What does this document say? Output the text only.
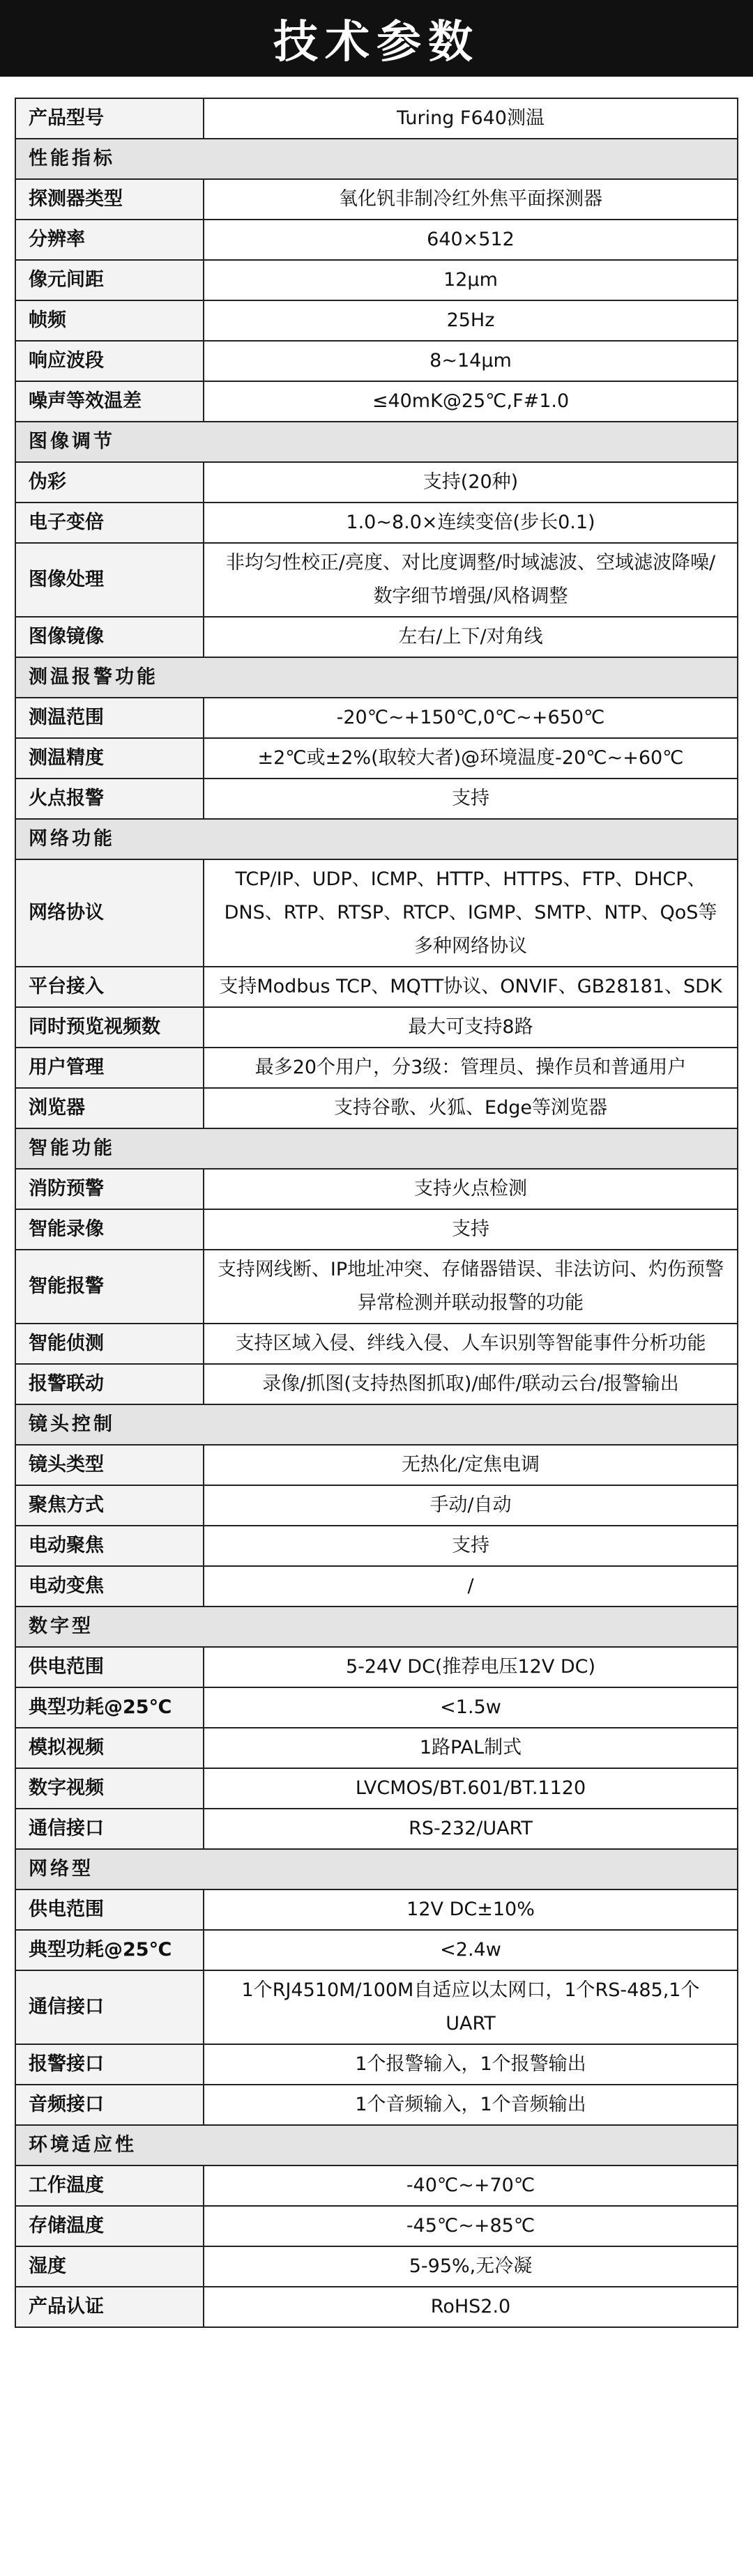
技术参数
产品型号	Turing F640测温
性能指标	
探测器类型	氧化钒非制冷红外焦平面探测器
分辨率	640×512
像元间距	12μm
帧频	25Hz
响应波段	8~14μm
噪声等效温差	≤40mK@25℃,F#1.0
图像调节	
伪彩	支持(20种)
电子变倍	1.0~8.0×连续变倍(步长0.1)
图像处理	非均匀性校正/亮度、对比度调整/时域滤波、空域滤波降噪/数字细节增强/风格调整
图像镜像	左右/上下/对角线
测温报警功能	
测温范围	-20℃~+150℃,0℃~+650℃
测温精度	±2℃或±2%(取较大者)@环境温度-20℃~+60℃
火点报警	支持
网络功能	
网络协议	TCP/IP、UDP、ICMP、HTTP、HTTPS、FTP、DHCP、DNS、RTP、RTSP、RTCP、IGMP、SMTP、NTP、QoS等多种网络协议
平台接入	支持Modbus TCP、MQTT协议、ONVIF、GB28181、SDK
同时预览视频数	最大可支持8路
用户管理	最多20个用户，分3级：管理员、操作员和普通用户
浏览器	支持谷歌、火狐、Edge等浏览器
智能功能	
消防预警	支持火点检测
智能录像	支持
智能报警	支持网线断、IP地址冲突、存储器错误、非法访问、灼伤预警异常检测并联动报警的功能
智能侦测	支持区域入侵、绊线入侵、人车识别等智能事件分析功能
报警联动	录像/抓图(支持热图抓取)/邮件/联动云台/报警输出
镜头控制	
镜头类型	无热化/定焦电调
聚焦方式	手动/自动
电动聚焦	支持
电动变焦	/
数字型	
供电范围	5-24V DC(推荐电压12V DC)
典型功耗@25℃	<1.5w
模拟视频	1路PAL制式
数字视频	LVCMOS/BT.601/BT.1120
通信接口	RS-232/UART
网络型	
供电范围	12V DC±10%
典型功耗@25℃	<2.4w
通信接口	1个RJ4510M/100M自适应以太网口，1个RS-485,1个UART
报警接口	1个报警输入，1个报警输出
音频接口	1个音频输入，1个音频输出
环境适应性	
工作温度	-40℃~+70℃
存储温度	-45℃~+85℃
湿度	5-95%,无冷凝
产品认证	RoHS2.0
